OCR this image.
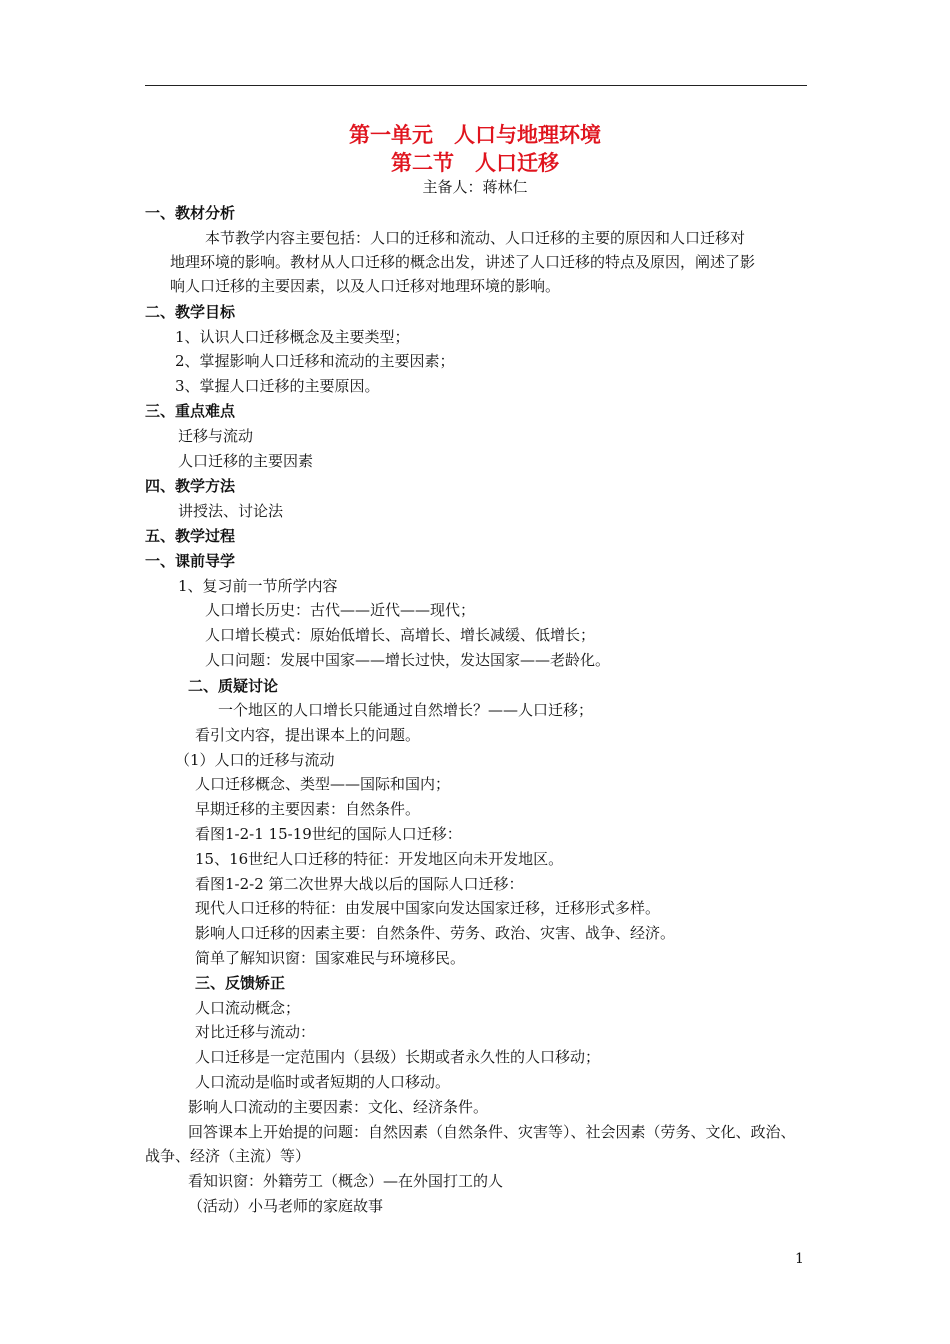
第一单元　人口与地理环境
第二节　人口迁移
主备人：蒋林仁
一、教材分析
本节教学内容主要包括：人口的迁移和流动、人口迁移的主要的原因和人口迁移对
地理环境的影响。教材从人口迁移的概念出发，讲述了人口迁移的特点及原因，阐述了影
响人口迁移的主要因素，以及人口迁移对地理环境的影响。
二、教学目标
1、认识人口迁移概念及主要类型；
2、掌握影响人口迁移和流动的主要因素；
3、掌握人口迁移的主要原因。
三、重点难点
迁移与流动
人口迁移的主要因素
四、教学方法
讲授法、讨论法
五、教学过程
一、课前导学
1、复习前一节所学内容
人口增长历史：古代——近代——现代；
人口增长模式：原始低增长、高增长、增长减缓、低增长；
人口问题：发展中国家——增长过快，发达国家——老龄化。
二、质疑讨论
一个地区的人口增长只能通过自然增长？——人口迁移；
看引文内容，提出课本上的问题。
（1）人口的迁移与流动
人口迁移概念、类型——国际和国内；
早期迁移的主要因素：自然条件。
看图1-2-1 15-19世纪的国际人口迁移：
15、16世纪人口迁移的特征：开发地区向未开发地区。
看图1-2-2 第二次世界大战以后的国际人口迁移：
现代人口迁移的特征：由发展中国家向发达国家迁移，迁移形式多样。
影响人口迁移的因素主要：自然条件、劳务、政治、灾害、战争、经济。
简单了解知识窗：国家难民与环境移民。
三、反馈矫正
人口流动概念；
对比迁移与流动：
人口迁移是一定范围内（县级）长期或者永久性的人口移动；
人口流动是临时或者短期的人口移动。
影响人口流动的主要因素：文化、经济条件。
回答课本上开始提的问题：自然因素（自然条件、灾害等）、社会因素（劳务、文化、政治、
战争、经济（主流）等）
看知识窗：外籍劳工（概念）—在外国打工的人
（活动）小马老师的家庭故事
1
